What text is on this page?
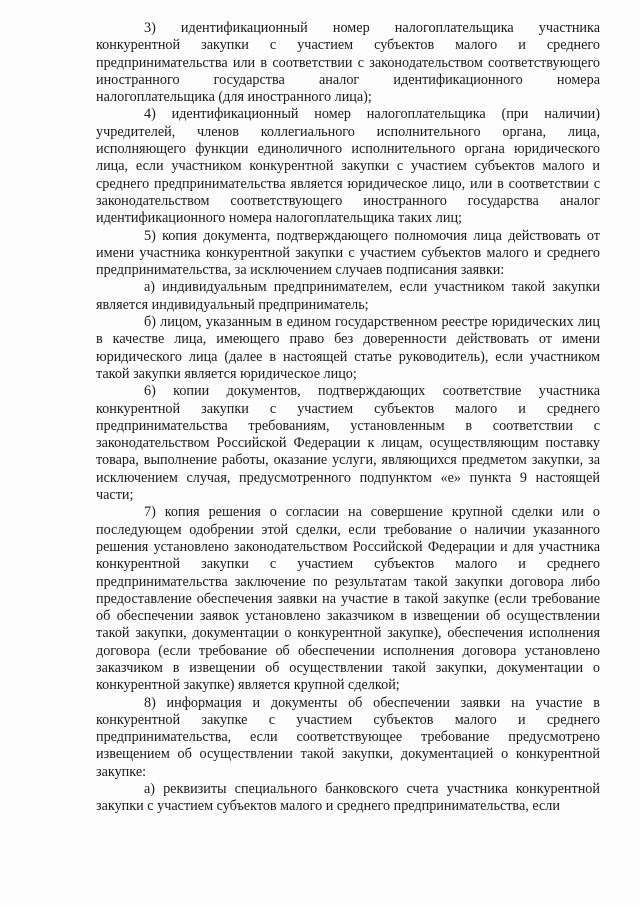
3) идентификационный номер налогоплательщика участника конкурентной закупки с участием субъектов малого и среднего предпринимательства или в соответствии с законодательством соответствующего иностранного государства аналог идентификационного номера налогоплательщика (для иностранного лица);

4) идентификационный номер налогоплательщика (при наличии) учредителей, членов коллегиального исполнительного органа, лица, исполняющего функции единоличного исполнительного органа юридического лица, если участником конкурентной закупки с участием субъектов малого и среднего предпринимательства является юридическое лицо, или в соответствии с законодательством соответствующего иностранного государства аналог идентификационного номера налогоплательщика таких лиц;

5) копия документа, подтверждающего полномочия лица действовать от имени участника конкурентной закупки с участием субъектов малого и среднего предпринимательства, за исключением случаев подписания заявки:

а) индивидуальным предпринимателем, если участником такой закупки является индивидуальный предприниматель;

б) лицом, указанным в едином государственном реестре юридических лиц в качестве лица, имеющего право без доверенности действовать от имени юридического лица (далее в настоящей статье руководитель), если участником такой закупки является юридическое лицо;

6) копии документов, подтверждающих соответствие участника конкурентной закупки с участием субъектов малого и среднего предпринимательства требованиям, установленным в соответствии с законодательством Российской Федерации к лицам, осуществляющим поставку товара, выполнение работы, оказание услуги, являющихся предметом закупки, за исключением случая, предусмотренного подпунктом «е» пункта 9 настоящей части;

7) копия решения о согласии на совершение крупной сделки или о последующем одобрении этой сделки, если требование о наличии указанного решения установлено законодательством Российской Федерации и для участника конкурентной закупки с участием субъектов малого и среднего предпринимательства заключение по результатам такой закупки договора либо предоставление обеспечения заявки на участие в такой закупке (если требование об обеспечении заявок установлено заказчиком в извещении об осуществлении такой закупки, документации о конкурентной закупке), обеспечения исполнения договора (если требование об обеспечении исполнения договора установлено заказчиком в извещении об осуществлении такой закупки, документации о конкурентной закупке) является крупной сделкой;

8) информация и документы об обеспечении заявки на участие в конкурентной закупке с участием субъектов малого и среднего предпринимательства, если соответствующее требование предусмотрено извещением об осуществлении такой закупки, документацией о конкурентной закупке:

а) реквизиты специального банковского счета участника конкурентной закупки с участием субъектов малого и среднего предпринимательства, если
